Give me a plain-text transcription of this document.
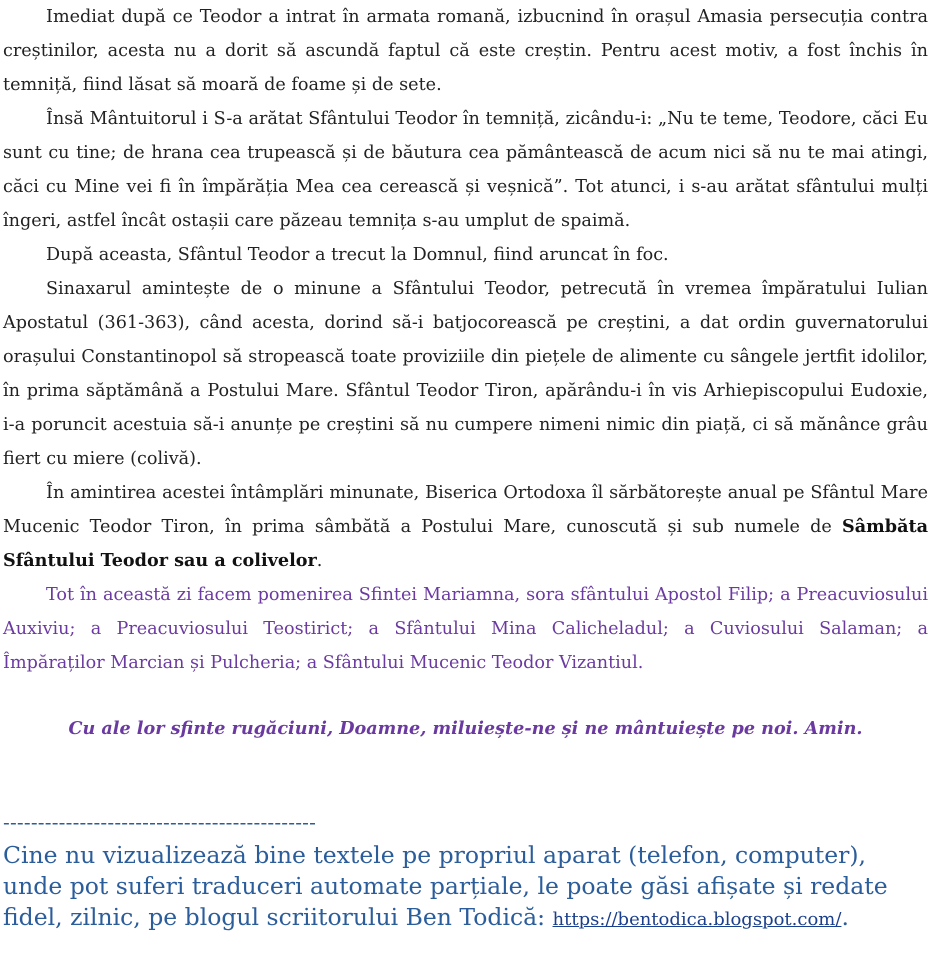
Imediat după ce Teodor a intrat în armata romană, izbucnind în orașul Amasia persecuția contra creștinilor, acesta nu a dorit să ascundă faptul că este creștin. Pentru acest motiv, a fost închis în temniță, fiind lăsat să moară de foame și de sete.

Însă Mântuitorul i S-a arătat Sfântului Teodor în temniță, zicându-i: „Nu te teme, Teodore, căci Eu sunt cu tine; de hrana cea trupească și de băutura cea pământească de acum nici să nu te mai atingi, căci cu Mine vei fi în împărăția Mea cea cerească și veșnică”. Tot atunci, i s-au arătat sfântului mulți îngeri, astfel încât ostașii care păzeau temnița s-au umplut de spaimă.

După aceasta, Sfântul Teodor a trecut la Domnul, fiind aruncat în foc.

Sinaxarul amintește de o minune a Sfântului Teodor, petrecută în vremea împăratului Iulian Apostatul (361-363), când acesta, dorind să-i batjocorească pe creștini, a dat ordin guvernatorului orașului Constantinopol să stropească toate proviziile din piețele de alimente cu sângele jertfit idolilor, în prima săptămână a Postului Mare. Sfântul Teodor Tiron, apărându-i în vis Arhiepiscopului Eudoxie, i-a poruncit acestuia să-i anunțe pe creștini să nu cumpere nimeni nimic din piață, ci să mănânce grâu fiert cu miere (colivă).

În amintirea acestei întâmplări minunate, Biserica Ortodoxa îl sărbătorește anual pe Sfântul Mare Mucenic Teodor Tiron, în prima sâmbătă a Postului Mare, cunoscută și sub numele de Sâmbăta Sfântului Teodor sau a colivelor.

Tot în această zi facem pomenirea Sfintei Mariamna, sora sfântului Apostol Filip; a Preacuviosului Auxiviu; a Preacuviosului Teostirict; a Sfântului Mina Calicheladul; a Cuviosului Salaman; a Împăraților Marcian și Pulcheria; a Sfântului Mucenic Teodor Vizantiul.

Cu ale lor sfinte rugăciuni, Doamne, miluiește-ne și ne mântuiește pe noi. Amin.

---------------------------------------------
Cine nu vizualizează bine textele pe propriul aparat (telefon, computer), unde pot suferi traduceri automate parțiale, le poate găsi afișate și redate fidel, zilnic, pe blogul scriitorului Ben Todică: https://bentodica.blogspot.com/.
